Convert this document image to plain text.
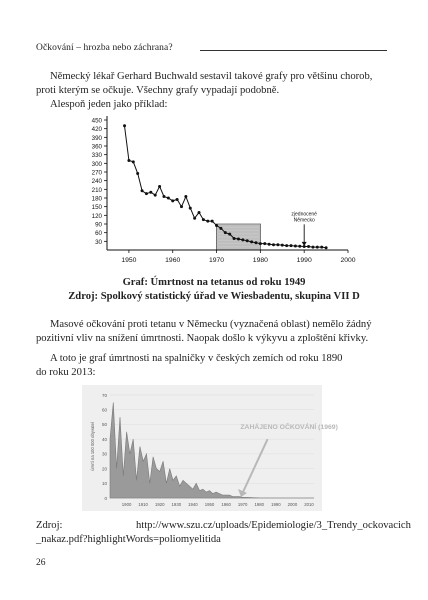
Očkování – hrozba nebo záchrana?
Německý lékař Gerhard Buchwald sestavil takové grafy pro většinu chorob,
proti kterým se očkuje. Všechny grafy vypadají podobně.
Alespoň jeden jako příklad:
30
60
90
120
150
180
210
240
270
300
330
360
390
420
450
1950	1960	1970	1980	1990	2000
zjednocené
Německo
Graf: Úmrtnost na tetanus od roku 1949
Zdroj: Spolkový statistický úřad ve Wiesbadentu, skupina VII D
Masové očkování proti tetanu v Německu (vyznačená oblast) nemělo žádný
pozitivní vliv na snížení úmrtnosti. Naopak došlo k výkyvu a zploštění křivky.
A toto je graf úmrtnosti na spalničky v českých zemích od roku 1890
do roku 2013:
0
10
20
30
40
50
60
70
úmrtí na 100 000 obyvatel
1900 1910 1920 1930 1940 1950 1960 1970 1980 1990 2000 2010
ZAHÁJENO OČKOVÁNÍ (1969)
Zdroj:	http://www.szu.cz/uploads/Epidemiologie/3_Trendy_ockovacich
_nakaz.pdf?highlightWords=poliomyelitida
26
